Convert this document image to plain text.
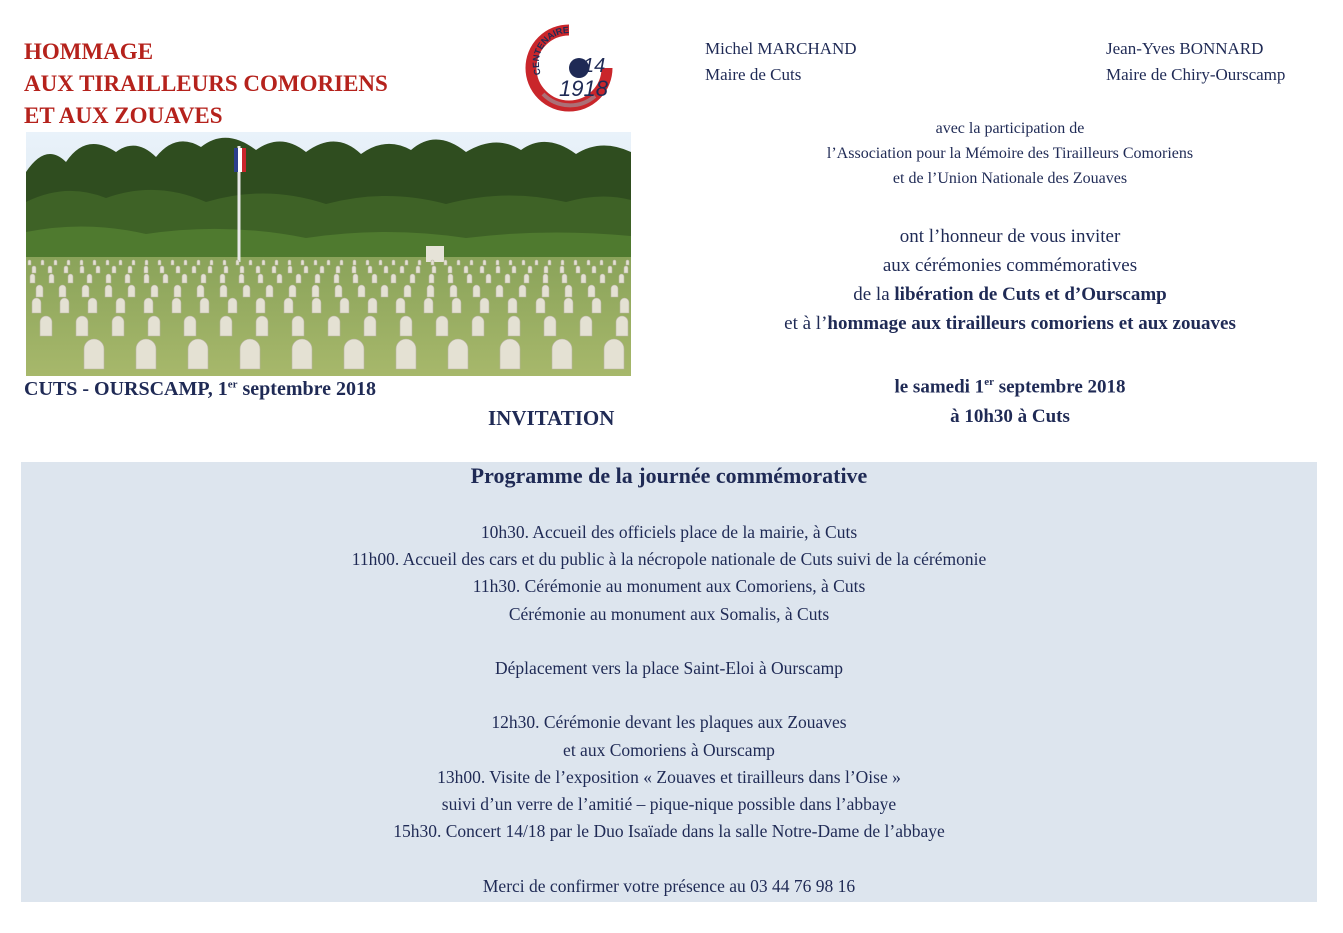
HOMMAGE
AUX TIRAILLEURS COMORIENS
ET AUX ZOUAVES
CENTENAIRE
14
1918
CUTS - OURSCAMP, 1er septembre 2018
INVITATION
Michel MARCHAND
Maire de Cuts
Jean-Yves BONNARD
Maire de Chiry-Ourscamp
avec la participation de
l’Association pour la Mémoire des Tirailleurs Comoriens
et de l’Union Nationale des Zouaves
ont l’honneur de vous inviter
aux cérémonies commémoratives
de la libération de Cuts et d’Ourscamp
et à l’hommage aux tirailleurs comoriens et aux zouaves
le samedi 1er septembre 2018
à 10h30 à Cuts
Programme de la journée commémorative
10h30. Accueil des officiels place de la mairie, à Cuts
11h00. Accueil des cars et du public à la nécropole nationale de Cuts suivi de la cérémonie
11h30. Cérémonie au monument aux Comoriens, à Cuts
Cérémonie au monument aux Somalis, à Cuts
Déplacement vers la place Saint-Eloi à Ourscamp
12h30. Cérémonie devant les plaques aux Zouaves
et aux Comoriens à Ourscamp
13h00. Visite de l’exposition « Zouaves et tirailleurs dans l’Oise »
suivi d’un verre de l’amitié – pique-nique possible dans l’abbaye
15h30. Concert 14/18 par le Duo Isaïade dans la salle Notre-Dame de l’abbaye
Merci de confirmer votre présence au 03 44 76 98 16
